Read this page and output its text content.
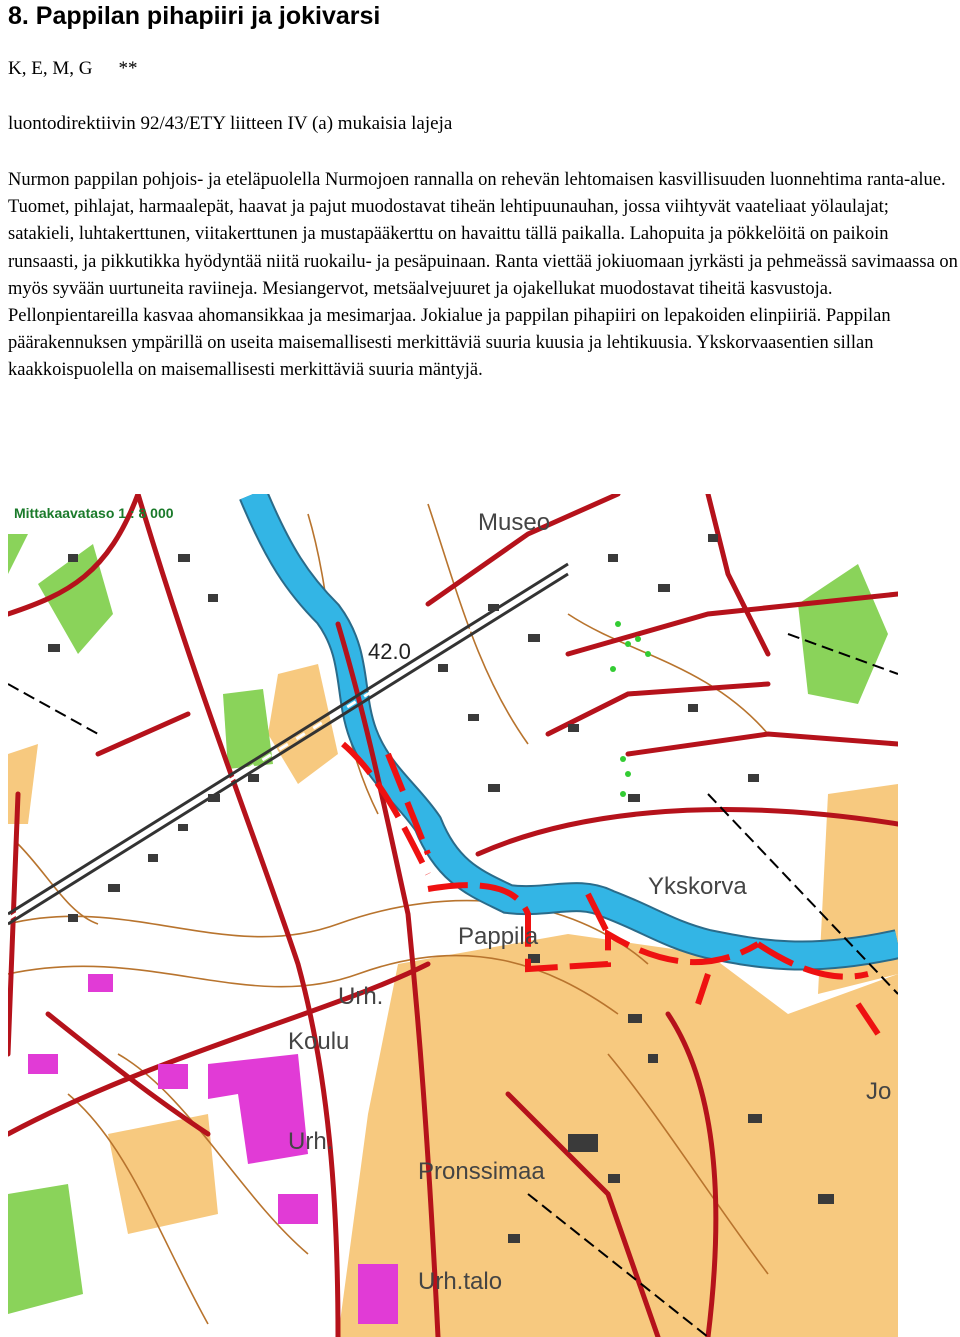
8. Pappilan pihapiiri ja jokivarsi
K, E, M, G **
luontodirektiivin 92/43/ETY liitteen IV (a) mukaisia lajeja
Nurmon pappilan pohjois- ja eteläpuolella Nurmojoen rannalla on rehevän lehtomaisen kasvillisuuden luonnehtima ranta-alue. Tuomet, pihlajat, harmaalepät, haavat ja pajut muodostavat tiheän lehtipuunauhan, jossa viihtyvät vaateliaat yölaulajat; satakieli, luhtakerttunen, viitakerttunen ja mustapääkerttu on havaittu tällä paikalla. Lahopuita ja pökkelöitä on paikoin runsaasti, ja pikkutikka hyödyntää niitä ruokailu- ja pesäpuinaan. Ranta viettää jokiuomaan jyrkästi ja pehmeässä savimaassa on myös syvään uurtuneita raviineja. Mesiangervot, metsäalvejuuret ja ojakellukat muodostavat tiheitä kasvustoja. Pellonpientareilla kasvaa ahomansikkaa ja mesimarjaa. Jokialue ja pappilan pihapiiri on lepakoiden elinpiiriä. Pappilan päärakennuksen ympärillä on useita maisemallisesti merkittäviä suuria kuusia ja lehtikuusia. Ykskorvaasentien sillan kaakkoispuolella on maisemallisesti merkittäviä suuria mäntyjä.
Mittakaavataso 1 : 8 000	Museo
42.0
Ykskorva
Pappila
Urh.
Koulu
Urh.
Pronssimaa
Urh.talo
Jo
